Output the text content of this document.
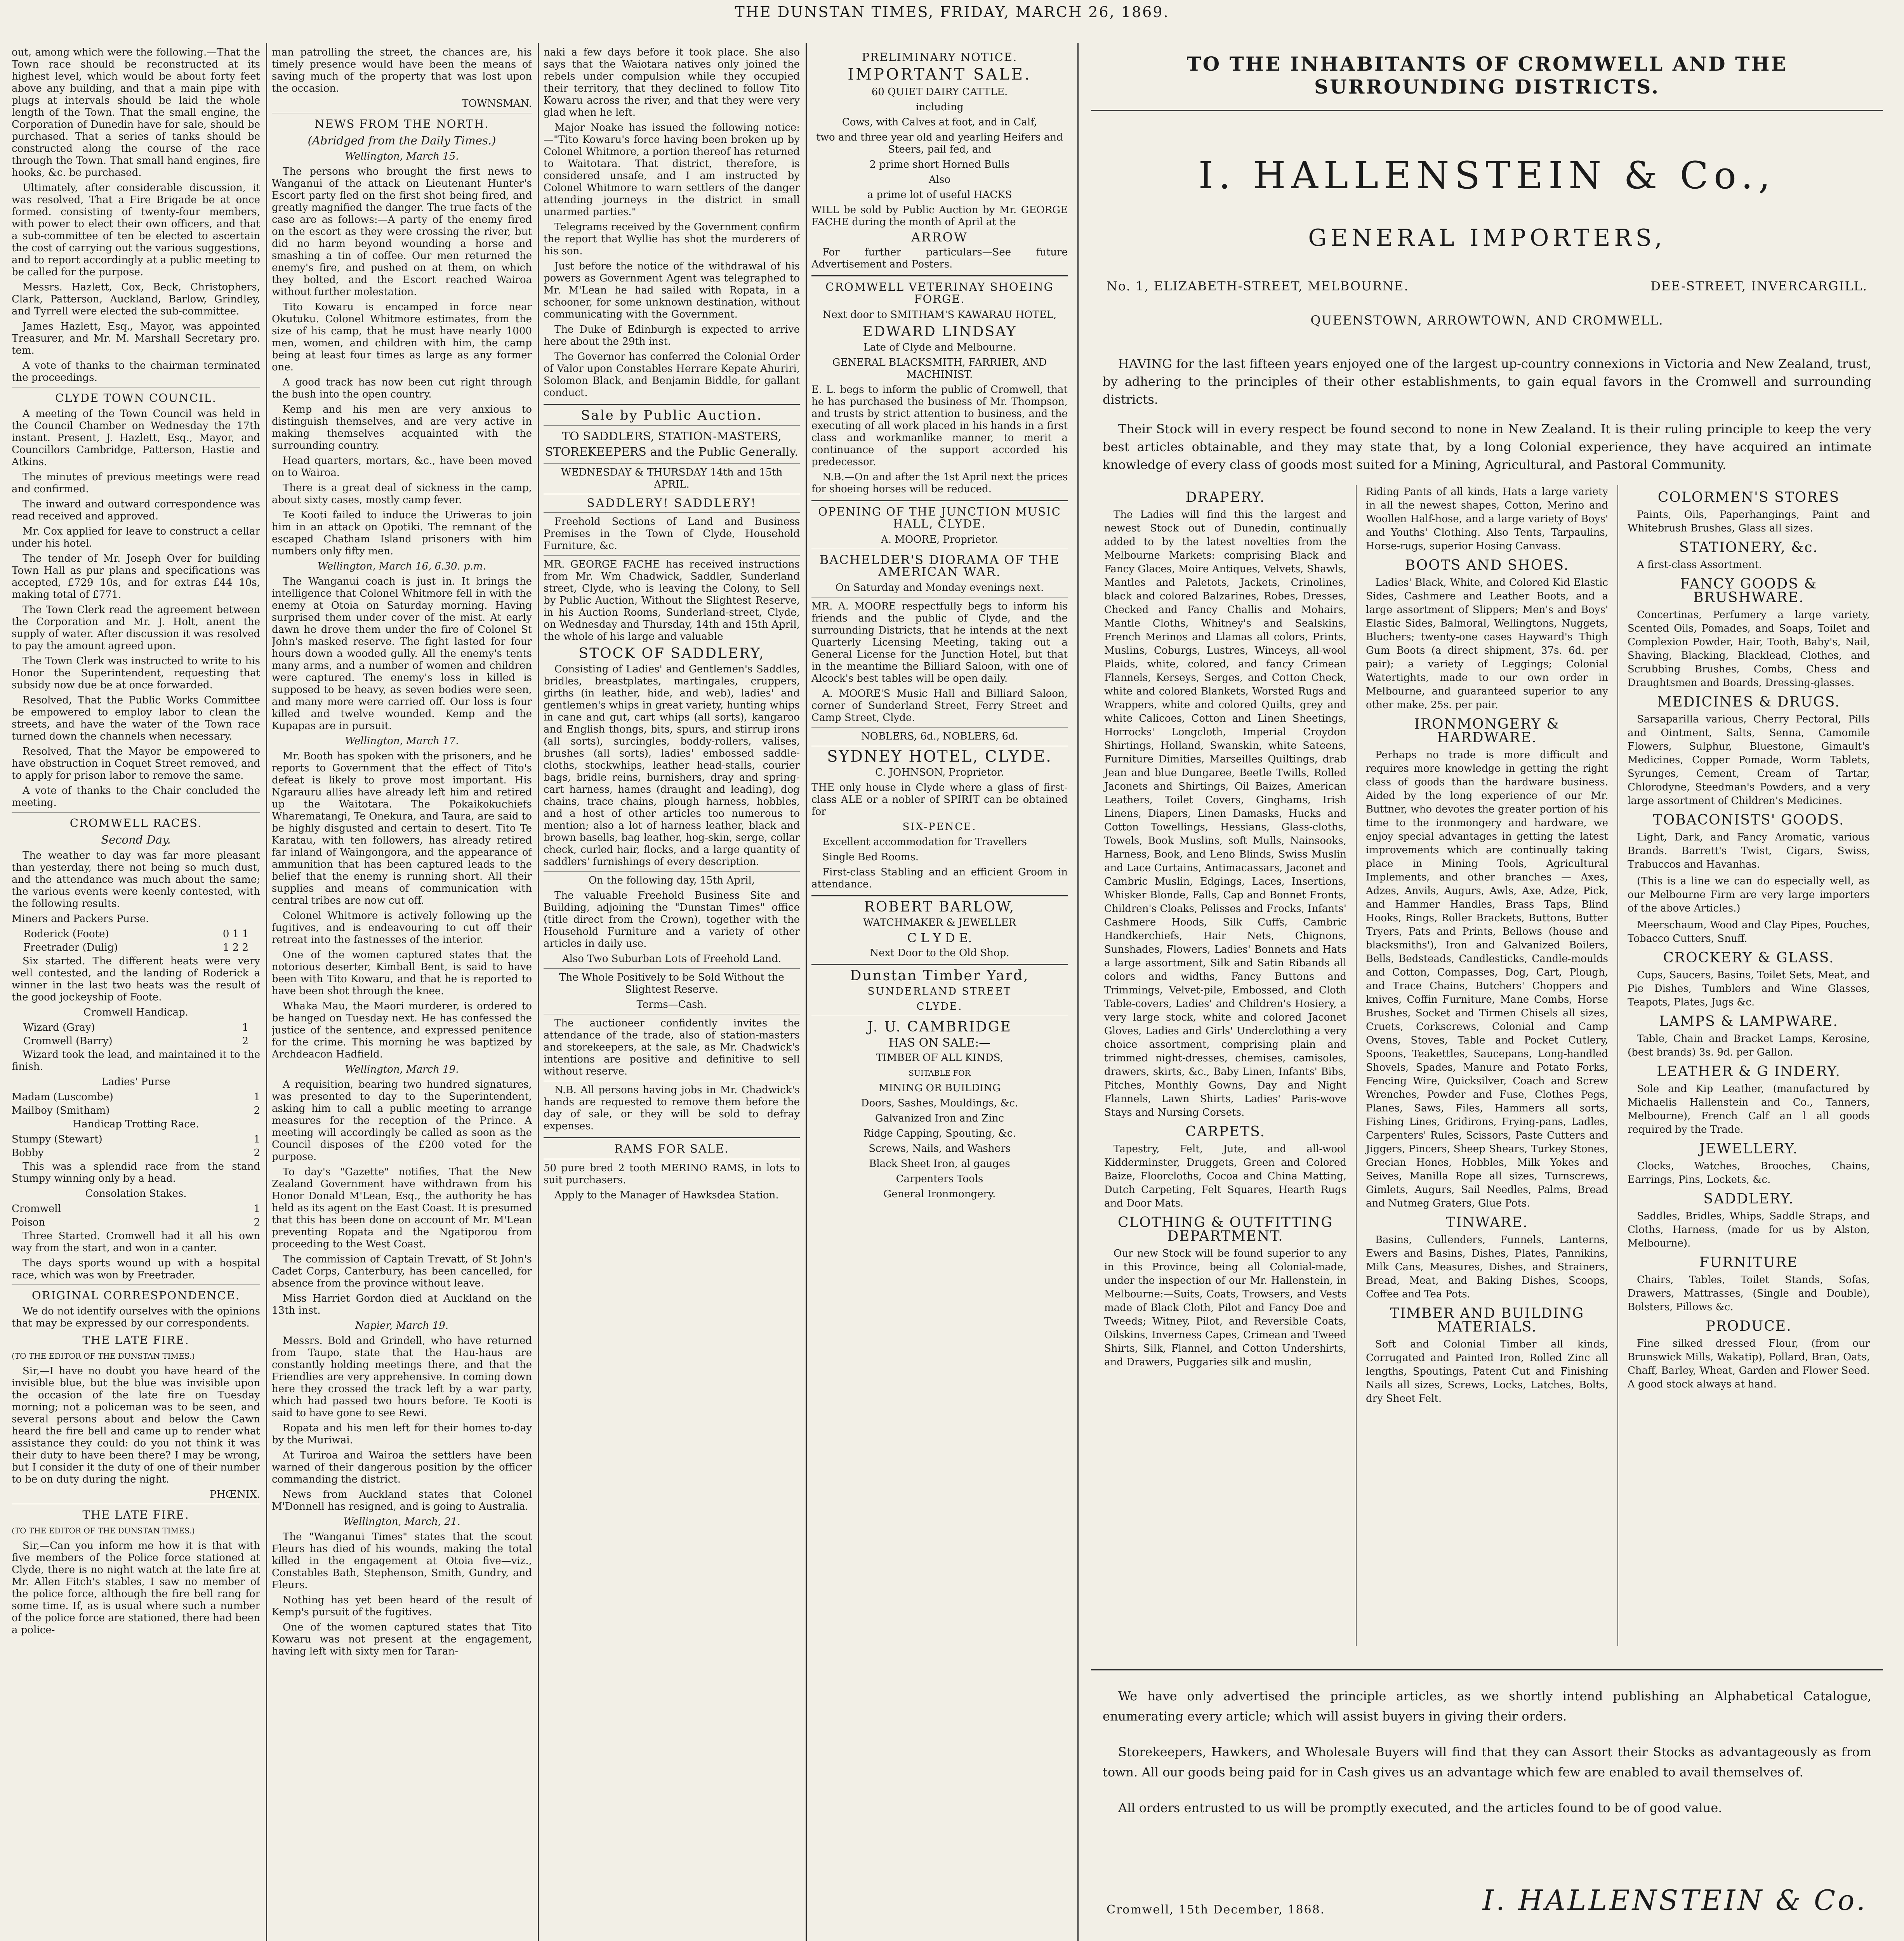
THE DUNSTAN TIMES, FRIDAY, MARCH 26, 1869.

out, among which were the following.—That the Town race should be reconstructed at its highest level, which would be about forty feet above any building, and that a main pipe with plugs at intervals should be laid the whole length of the Town. That the small engine, the Corporation of Dunedin have for sale, should be purchased. That a series of tanks should be constructed along the course of the race through the Town. That small hand engines, fire hooks, &c. be purchased.

Ultimately, after considerable discussion, it was resolved, That a Fire Brigade be at once formed. consisting of twenty-four members, with power to elect their own officers, and that a sub-committee of ten be elected to ascertain the cost of carrying out the various suggestions, and to report accordingly at a public meeting to be called for the purpose.

Messrs. Hazlett, Cox, Beck, Christophers, Clark, Patterson, Auckland, Barlow, Grindley, and Tyrrell were elected the sub-committee.

James Hazlett, Esq., Mayor, was appointed Treasurer, and Mr. M. Marshall Secretary pro. tem.

A vote of thanks to the chairman terminated the proceedings.

CLYDE TOWN COUNCIL.

A meeting of the Town Council was held in the Council Chamber on Wednesday the 17th instant. Present, J. Hazlett, Esq., Mayor, and Councillors Cambridge, Patterson, Hastie and Atkins.

The minutes of previous meetings were read and confirmed.

The inward and outward correspondence was read received and approved.

Mr. Cox applied for leave to construct a cellar under his hotel.

The tender of Mr. Joseph Over for building Town Hall as pur plans and specifications was accepted, £729 10s, and for extras £44 10s, making total of £771.

The Town Clerk read the agreement between the Corporation and Mr. J. Holt, anent the supply of water. After discussion it was resolved to pay the amount agreed upon.

The Town Clerk was instructed to write to his Honor the Superintendent, requesting that subsidy now due be at once forwarded.

Resolved, That the Public Works Committee be empowered to employ labor to clean the streets, and have the water of the Town race turned down the channels when necessary.

Resolved, That the Mayor be empowered to have obstruction in Coquet Street removed, and to apply for prison labor to remove the same.

A vote of thanks to the Chair concluded the meeting.

CROMWELL RACES.
Second Day.

The weather to day was far more pleasant than yesterday, there not being so much dust, and the attendance was much about the same; the various events were keenly contested, with the following results.

Miners and Packers Purse.

Roderick (Foote)	0 1 1
Freetrader (Dulig)	1 2 2

Six started. The different heats were very well contested, and the landing of Roderick a winner in the last two heats was the result of the good jockeyship of Foote.

Cromwell Handicap.

Wizard (Gray)	1
Cromwell (Barry)	2

Wizard took the lead, and maintained it to the finish.

Ladies' Purse

Madam (Luscombe)	1
Mailboy (Smitham)	2

Handicap Trotting Race.

Stumpy (Stewart)	1
Bobby	2

This was a splendid race from the stand Stumpy winning only by a head.

Consolation Stakes.

Cromwell	1
Poison	2

Three Started. Cromwell had it all his own way from the start, and won in a canter.

The days sports wound up with a hospital race, which was won by Freetrader.

ORIGINAL CORRESPONDENCE.

We do not identify ourselves with the opinions that may be expressed by our correspondents.

THE LATE FIRE.

(TO THE EDITOR OF THE DUNSTAN TIMES.)

Sir,—I have no doubt you have heard of the invisible blue, but the blue was invisible upon the occasion of the late fire on Tuesday morning; not a policeman was to be seen, and several persons about and below the Cawn heard the fire bell and came up to render what assistance they could: do you not think it was their duty to have been there? I may be wrong, but I consider it the duty of one of their number to be on duty during the night.

PHŒNIX.

THE LATE FIRE.

(TO THE EDITOR OF THE DUNSTAN TIMES.)

Sir,—Can you inform me how it is that with five members of the Police force stationed at Clyde, there is no night watch at the late fire at Mr. Allen Fitch's stables, I saw no member of the police force, although the fire bell rang for some time. If, as is usual where such a number of the police force are stationed, there had been a police-

man patrolling the street, the chances are, his timely presence would have been the means of saving much of the property that was lost upon the occasion.

TOWNSMAN.

NEWS FROM THE NORTH.
(Abridged from the Daily Times.)

Wellington, March 15.

The persons who brought the first news to Wanganui of the attack on Lieutenant Hunter's Escort party fled on the first shot being fired, and greatly magnified the danger. The true facts of the case are as follows:—A party of the enemy fired on the escort as they were crossing the river, but did no harm beyond wounding a horse and smashing a tin of coffee. Our men returned the enemy's fire, and pushed on at them, on which they bolted, and the Escort reached Wairoa without further molestation.

Tito Kowaru is encamped in force near Okutuku. Colonel Whitmore estimates, from the size of his camp, that he must have nearly 1000 men, women, and children with him, the camp being at least four times as large as any former one.

A good track has now been cut right through the bush into the open country.

Kemp and his men are very anxious to distinguish themselves, and are very active in making themselves acquainted with the surrounding country.

Head quarters, mortars, &c., have been moved on to Wairoa.

There is a great deal of sickness in the camp, about sixty cases, mostly camp fever.

Te Kooti failed to induce the Uriweras to join him in an attack on Opotiki. The remnant of the escaped Chatham Island prisoners with him numbers only fifty men.

Wellington, March 16, 6.30. p.m.

The Wanganui coach is just in. It brings the intelligence that Colonel Whitmore fell in with the enemy at Otoia on Saturday morning. Having surprised them under cover of the mist. At early dawn he drove them under the fire of Colonel St John's masked reserve. The fight lasted for four hours down a wooded gully. All the enemy's tents many arms, and a number of women and children were captured. The enemy's loss in killed is supposed to be heavy, as seven bodies were seen, and many more were carried off. Our loss is four killed and twelve wounded. Kemp and the Kupapas are in pursuit.

Wellington, March 17.

Mr. Booth has spoken with the prisoners, and he reports to Government that the effect of Tito's defeat is likely to prove most important. His Ngarauru allies have already left him and retired up the Waitotara. The Pokaikokuchiefs Wharematangi, Te Onekura, and Taura, are said to be highly disgusted and certain to desert. Tito Te Karatau, with ten followers, has already retired far inland of Waingongora, and the appearance of ammunition that has been captured leads to the belief that the enemy is running short. All their supplies and means of communication with central tribes are now cut off.

Colonel Whitmore is actively following up the fugitives, and is endeavouring to cut off their retreat into the fastnesses of the interior.

One of the women captured states that the notorious deserter, Kimball Bent, is said to have been with Tito Kowaru, and that he is reported to have been shot through the knee.

Whaka Mau, the Maori murderer, is ordered to be hanged on Tuesday next. He has confessed the justice of the sentence, and expressed penitence for the crime. This morning he was baptized by Archdeacon Hadfield.

Wellington, March 19.

A requisition, bearing two hundred signatures, was presented to day to the Superintendent, asking him to call a public meeting to arrange measures for the reception of the Prince. A meeting will accordingly be called as soon as the Council disposes of the £200 voted for the purpose.

To day's "Gazette" notifies, That the New Zealand Government have withdrawn from his Honor Donald M'Lean, Esq., the authority he has held as its agent on the East Coast. It is presumed that this has been done on account of Mr. M'Lean preventing Ropata and the Ngatiporou from proceeding to the West Coast.

The commission of Captain Trevatt, of St John's Cadet Corps, Canterbury, has been cancelled, for absence from the province without leave.

Miss Harriet Gordon died at Auckland on the 13th inst.

Napier, March 19.

Messrs. Bold and Grindell, who have returned from Taupo, state that the Hau-haus are constantly holding meetings there, and that the Friendlies are very apprehensive. In coming down here they crossed the track left by a war party, which had passed two hours before. Te Kooti is said to have gone to see Rewi.

Ropata and his men left for their homes to-day by the Muriwai.

At Turiroa and Wairoa the settlers have been warned of their dangerous position by the officer commanding the district.

News from Auckland states that Colonel M'Donnell has resigned, and is going to Australia.

Wellington, March, 21.

The "Wanganui Times" states that the scout Fleurs has died of his wounds, making the total killed in the engagement at Otoia five—viz., Constables Bath, Stephenson, Smith, Gundry, and Fleurs.

Nothing has yet been heard of the result of Kemp's pursuit of the fugitives.

One of the women captured states that Tito Kowaru was not present at the engagement, having left with sixty men for Taran-

naki a few days before it took place. She also says that the Waiotara natives only joined the rebels under compulsion while they occupied their territory, that they declined to follow Tito Kowaru across the river, and that they were very glad when he left.

Major Noake has issued the following notice:—"Tito Kowaru's force having been broken up by Colonel Whitmore, a portion thereof has returned to Waitotara. That district, therefore, is considered unsafe, and I am instructed by Colonel Whitmore to warn settlers of the danger attending journeys in the district in small unarmed parties."

Telegrams received by the Government confirm the report that Wyllie has shot the murderers of his son.

Just before the notice of the withdrawal of his powers as Government Agent was telegraphed to Mr. M'Lean he had sailed with Ropata, in a schooner, for some unknown destination, without communicating with the Government.

The Duke of Edinburgh is expected to arrive here about the 29th inst.

The Governor has conferred the Colonial Order of Valor upon Constables Herrare Kepate Ahuriri, Solomon Black, and Benjamin Biddle, for gallant conduct.

Sale by Public Auction.

TO SADDLERS, STATION-MASTERS, STOREKEEPERS and the Public Generally.

WEDNESDAY & THURSDAY 14th and 15th APRIL.

SADDLERY! SADDLERY!

Freehold Sections of Land and Business Premises in the Town of Clyde, Household Furniture, &c.

MR. GEORGE FACHE has received instructions from Mr. Wm Chadwick, Saddler, Sunderland street, Clyde, who is leaving the Colony, to Sell by Public Auction, Without the Slightest Reserve, in his Auction Rooms, Sunderland-street, Clyde, on Wednesday and Thursday, 14th and 15th April, the whole of his large and valuable

STOCK OF SADDLERY,

Consisting of Ladies' and Gentlemen's Saddles, bridles, breastplates, martingales, cruppers, girths (in leather, hide, and web), ladies' and gentlemen's whips in great variety, hunting whips in cane and gut, cart whips (all sorts), kangaroo and English thongs, bits, spurs, and stirrup irons (all sorts), surcingles, boddy-rollers, valises, brushes (all sorts), ladies' embossed saddle-cloths, stockwhips, leather head-stalls, courier bags, bridle reins, burnishers, dray and spring-cart harness, hames (draught and leading), dog chains, trace chains, plough harness, hobbles, and a host of other articles too numerous to mention; also a lot of harness leather, black and brown basells, bag leather, hog-skin, serge, collar check, curled hair, flocks, and a large quantity of saddlers' furnishings of every description.

On the following day, 15th April,

The valuable Freehold Business Site and Building, adjoining the "Dunstan Times" office (title direct from the Crown), together with the Household Furniture and a variety of other articles in daily use.

Also Two Suburban Lots of Freehold Land.

The Whole Positively to be Sold Without the Slightest Reserve.

Terms—Cash.

The auctioneer confidently invites the attendance of the trade, also of station-masters and storekeepers, at the sale, as Mr. Chadwick's intentions are positive and definitive to sell without reserve.

N.B. All persons having jobs in Mr. Chadwick's hands are requested to remove them before the day of sale, or they will be sold to defray expenses.

RAMS FOR SALE.

50 pure bred 2 tooth MERINO RAMS, in lots to suit purchasers.

Apply to the Manager of Hawksdea Station.

PRELIMINARY NOTICE.
IMPORTANT SALE.

60 QUIET DAIRY CATTLE.

including

Cows, with Calves at foot, and in Calf,

two and three year old and yearling Heifers and Steers, pail fed, and

2 prime short Horned Bulls

Also

a prime lot of useful HACKS

WILL be sold by Public Auction by Mr. GEORGE FACHE during the month of April at the

ARROW

For further particulars—See future Advertisement and Posters.

CROMWELL VETERINAY SHOEING FORGE.

Next door to SMITHAM'S KAWARAU HOTEL,

EDWARD LINDSAY

Late of Clyde and Melbourne.

GENERAL BLACKSMITH, FARRIER, AND MACHINIST.

E. L. begs to inform the public of Cromwell, that he has purchased the business of Mr. Thompson, and trusts by strict attention to business, and the executing of all work placed in his hands in a first class and workmanlike manner, to merit a continuance of the support accorded his predecessor.

N.B.—On and after the 1st April next the prices for shoeing horses will be reduced.

OPENING OF THE JUNCTION MUSIC HALL, CLYDE.

A. MOORE, Proprietor.

BACHELDER'S DIORAMA OF THE AMERICAN WAR.

On Saturday and Monday evenings next.

MR. A. MOORE respectfully begs to inform his friends and the public of Clyde, and the surrounding Districts, that he intends at the next Quarterly Licensing Meeting, taking out a General License for the Junction Hotel, but that in the meantime the Billiard Saloon, with one of Alcock's best tables will be open daily.

A. MOORE'S Music Hall and Billiard Saloon, corner of Sunderland Street, Ferry Street and Camp Street, Clyde.

NOBLERS, 6d., NOBLERS, 6d.

SYDNEY HOTEL, CLYDE.

C. JOHNSON, Proprietor.

THE only house in Clyde where a glass of first-class ALE or a nobler of SPIRIT can be obtained for

SIX-PENCE.

Excellent accommodation for Travellers

Single Bed Rooms.

First-class Stabling and an efficient Groom in attendance.

ROBERT BARLOW,

WATCHMAKER & JEWELLER

C L Y D E.

Next Door to the Old Shop.

Dunstan Timber Yard,

SUNDERLAND STREET

CLYDE.

J. U. CAMBRIDGE

HAS ON SALE:—

TIMBER OF ALL KINDS,

SUITABLE FOR

MINING OR BUILDING

Doors, Sashes, Mouldings, &c.

Galvanized Iron and Zinc

Ridge Capping, Spouting, &c.

Screws, Nails, and Washers

Black Sheet Iron, al gauges

Carpenters Tools

General Ironmongery.

TO THE INHABITANTS OF CROMWELL AND THE SURROUNDING DISTRICTS.
I. HALLENSTEIN & Co.,
GENERAL IMPORTERS,
No. 1, ELIZABETH-STREET, MELBOURNE.	DEE-STREET, INVERCARGILL.
QUEENSTOWN, ARROWTOWN, AND CROMWELL.
HAVING for the last fifteen years enjoyed one of the largest up-country connexions in Victoria and New Zealand, trust, by adhering to the principles of their other establishments, to gain equal favors in the Cromwell and surrounding districts.
Their Stock will in every respect be found second to none in New Zealand. It is their ruling principle to keep the very best articles obtainable, and they may state that, by a long Colonial experience, they have acquired an intimate knowledge of every class of goods most suited for a Mining, Agricultural, and Pastoral Community.
DRAPERY.

The Ladies will find this the largest and newest Stock out of Dunedin, continually added to by the latest novelties from the Melbourne Markets: comprising Black and Fancy Glaces, Moire Antiques, Velvets, Shawls, Mantles and Paletots, Jackets, Crinolines, black and colored Balzarines, Robes, Dresses, Checked and Fancy Challis and Mohairs, Mantle Cloths, Whitney's and Sealskins, French Merinos and Llamas all colors, Prints, Muslins, Coburgs, Lustres, Winceys, all-wool Plaids, white, colored, and fancy Crimean Flannels, Kerseys, Serges, and Cotton Check, white and colored Blankets, Worsted Rugs and Wrappers, white and colored Quilts, grey and white Calicoes, Cotton and Linen Sheetings, Horrocks' Longcloth, Imperial Croydon Shirtings, Holland, Swanskin, white Sateens, Furniture Dimities, Marseilles Quiltings, drab Jean and blue Dungaree, Beetle Twills, Rolled Jaconets and Shirtings, Oil Baizes, American Leathers, Toilet Covers, Ginghams, Irish Linens, Diapers, Linen Damasks, Hucks and Cotton Towellings, Hessians, Glass-cloths, Towels, Book Muslins, soft Mulls, Nainsooks, Harness, Book, and Leno Blinds, Swiss Muslin and Lace Curtains, Antimacassars, Jaconet and Cambric Muslin, Edgings, Laces, Insertions, Whisker Blonde, Falls, Cap and Bonnet Fronts, Children's Cloaks, Pelisses and Frocks, Infants' Cashmere Hoods, Silk Cuffs, Cambric Handkerchiefs, Hair Nets, Chignons, Sunshades, Flowers, Ladies' Bonnets and Hats a large assortment, Silk and Satin Ribands all colors and widths, Fancy Buttons and Trimmings, Velvet-pile, Embossed, and Cloth Table-covers, Ladies' and Children's Hosiery, a very large stock, white and colored Jaconet Gloves, Ladies and Girls' Underclothing a very choice assortment, comprising plain and trimmed night-dresses, chemises, camisoles, drawers, skirts, &c., Baby Linen, Infants' Bibs, Pitches, Monthly Gowns, Day and Night Flannels, Lawn Shirts, Ladies' Paris-wove Stays and Nursing Corsets.

CARPETS.

Tapestry, Felt, Jute, and all-wool Kidderminster, Druggets, Green and Colored Baize, Floorcloths, Cocoa and China Matting, Dutch Carpeting, Felt Squares, Hearth Rugs and Door Mats.

CLOTHING & OUTFITTING DEPARTMENT.

Our new Stock will be found superior to any in this Province, being all Colonial-made, under the inspection of our Mr. Hallenstein, in Melbourne:—Suits, Coats, Trowsers, and Vests made of Black Cloth, Pilot and Fancy Doe and Tweeds; Witney, Pilot, and Reversible Coats, Oilskins, Inverness Capes, Crimean and Tweed Shirts, Silk, Flannel, and Cotton Undershirts, and Drawers, Puggaries silk and muslin,

Riding Pants of all kinds, Hats a large variety in all the newest shapes, Cotton, Merino and Woollen Half-hose, and a large variety of Boys' and Youths' Clothing. Also Tents, Tarpaulins, Horse-rugs, superior Hosing Canvass.

BOOTS AND SHOES.

Ladies' Black, White, and Colored Kid Elastic Sides, Cashmere and Leather Boots, and a large assortment of Slippers; Men's and Boys' Elastic Sides, Balmoral, Wellingtons, Nuggets, Bluchers; twenty-one cases Hayward's Thigh Gum Boots (a direct shipment, 37s. 6d. per pair); a variety of Leggings; Colonial Watertights, made to our own order in Melbourne, and guaranteed superior to any other make, 25s. per pair.

IRONMONGERY & HARDWARE.

Perhaps no trade is more difficult and requires more knowledge in getting the right class of goods than the hardware business. Aided by the long experience of our Mr. Buttner, who devotes the greater portion of his time to the ironmongery and hardware, we enjoy special advantages in getting the latest improvements which are continually taking place in Mining Tools, Agricultural Implements, and other branches — Axes, Adzes, Anvils, Augurs, Awls, Axe, Adze, Pick, and Hammer Handles, Brass Taps, Blind Hooks, Rings, Roller Brackets, Buttons, Butter Tryers, Pats and Prints, Bellows (house and blacksmiths'), Iron and Galvanized Boilers, Bells, Bedsteads, Candlesticks, Candle-moulds and Cotton, Compasses, Dog, Cart, Plough, and Trace Chains, Butchers' Choppers and knives, Coffin Furniture, Mane Combs, Horse Brushes, Socket and Tirmen Chisels all sizes, Cruets, Corkscrews, Colonial and Camp Ovens, Stoves, Table and Pocket Cutlery, Spoons, Teakettles, Saucepans, Long-handled Shovels, Spades, Manure and Potato Forks, Fencing Wire, Quicksilver, Coach and Screw Wrenches, Powder and Fuse, Clothes Pegs, Planes, Saws, Files, Hammers all sorts, Fishing Lines, Gridirons, Frying-pans, Ladles, Carpenters' Rules, Scissors, Paste Cutters and Jiggers, Pincers, Sheep Shears, Turkey Stones, Grecian Hones, Hobbles, Milk Yokes and Seives, Manilla Rope all sizes, Turnscrews, Gimlets, Augurs, Sail Needles, Palms, Bread and Nutmeg Graters, Glue Pots.

TINWARE.

Basins, Cullenders, Funnels, Lanterns, Ewers and Basins, Dishes, Plates, Pannikins, Milk Cans, Measures, Dishes, and Strainers, Bread, Meat, and Baking Dishes, Scoops, Coffee and Tea Pots.

TIMBER AND BUILDING MATERIALS.

Soft and Colonial Timber all kinds, Corrugated and Painted Iron, Rolled Zinc all lengths, Spoutings, Patent Cut and Finishing Nails all sizes, Screws, Locks, Latches, Bolts, dry Sheet Felt.

COLORMEN'S STORES

Paints, Oils, Paperhangings, Paint and Whitebrush Brushes, Glass all sizes.

STATIONERY, &c.

A first-class Assortment.

FANCY GOODS & BRUSHWARE.

Concertinas, Perfumery a large variety, Scented Oils, Pomades, and Soaps, Toilet and Complexion Powder, Hair, Tooth, Baby's, Nail, Shaving, Blacking, Blacklead, Clothes, and Scrubbing Brushes, Combs, Chess and Draughtsmen and Boards, Dressing-glasses.

MEDICINES & DRUGS.

Sarsaparilla various, Cherry Pectoral, Pills and Ointment, Salts, Senna, Camomile Flowers, Sulphur, Bluestone, Gimault's Medicines, Copper Pomade, Worm Tablets, Syrunges, Cement, Cream of Tartar, Chlorodyne, Steedman's Powders, and a very large assortment of Children's Medicines.

TOBACONISTS' GOODS.

Light, Dark, and Fancy Aromatic, various Brands. Barrett's Twist, Cigars, Swiss, Trabuccos and Havanhas.

(This is a line we can do especially well, as our Melbourne Firm are very large importers of the above Articles.)

Meerschaum, Wood and Clay Pipes, Pouches, Tobacco Cutters, Snuff.

CROCKERY & GLASS.

Cups, Saucers, Basins, Toilet Sets, Meat, and Pie Dishes, Tumblers and Wine Glasses, Teapots, Plates, Jugs &c.

LAMPS & LAMPWARE.

Table, Chain and Bracket Lamps, Kerosine, (best brands) 3s. 9d. per Gallon.

LEATHER & G INDERY.

Sole and Kip Leather, (manufactured by Michaelis Hallenstein and Co., Tanners, Melbourne), French Calf an l all goods required by the Trade.

JEWELLERY.

Clocks, Watches, Brooches, Chains, Earrings, Pins, Lockets, &c.

SADDLERY.

Saddles, Bridles, Whips, Saddle Straps, and Cloths, Harness, (made for us by Alston, Melbourne).

FURNITURE

Chairs, Tables, Toilet Stands, Sofas, Drawers, Mattrasses, (Single and Double), Bolsters, Pillows &c.

PRODUCE.

Fine silked dressed Flour, (from our Brunswick Mills, Wakatip), Pollard, Bran, Oats, Chaff, Barley, Wheat, Garden and Flower Seed. A good stock always at hand.

We have only advertised the principle articles, as we shortly intend publishing an Alphabetical Catalogue, enumerating every article; which will assist buyers in giving their orders.
Storekeepers, Hawkers, and Wholesale Buyers will find that they can Assort their Stocks as advantageously as from town. All our goods being paid for in Cash gives us an advantage which few are enabled to avail themselves of.
All orders entrusted to us will be promptly executed, and the articles found to be of good value.
Cromwell, 15th December, 1868.	I. HALLENSTEIN & Co.
